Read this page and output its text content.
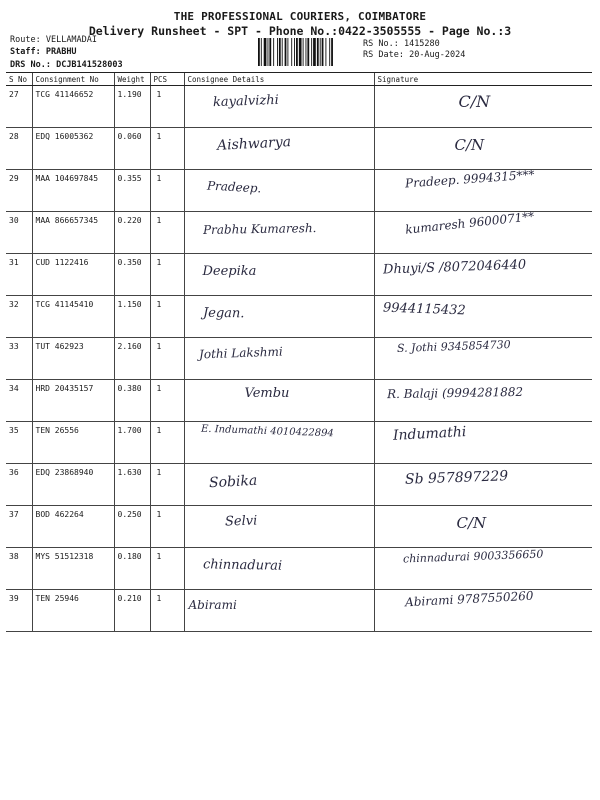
THE PROFESSIONAL COURIERS, COIMBATORE
Delivery Runsheet - SPT - Phone No.:0422-3505555 - Page No.:3
Route: VELLAMADAI
Staff: PRABHU
DRS No.: DCJB141528003
RS No.: 1415280
RS Date: 20-Aug-2024
S No	Consignment No	Weight	PCS	Consignee Details	Signature
27	TCG 41146652	1.190	1	kayalvizhi	C/N

28	EDQ 16005362	0.060	1	Aishwarya	C/N

29	MAA 104697845	0.355	1	Pradeep.	Pradeep. 9994315***

30	MAA 866657345	0.220	1	Prabhu Kumaresh.	kumaresh 9600071**

31	CUD 1122416	0.350	1	Deepika	Dhuyi/S /8072046440

32	TCG 41145410	1.150	1	Jegan.	9944115432

33	TUT 462923	2.160	1	Jothi Lakshmi	S. Jothi 9345854730

34	HRD 20435157	0.380	1	Vembu	R. Balaji (9994281882

35	TEN 26556	1.700	1	E. Indumathi 4010422894	Indumathi

36	EDQ 23868940	1.630	1	Sobika	Sb 957897229

37	BOD 462264	0.250	1	Selvi	C/N

38	MYS 51512318	0.180	1	chinnadurai	chinnadurai 9003356650

39	TEN 25946	0.210	1	Abirami	Abirami 9787550260
